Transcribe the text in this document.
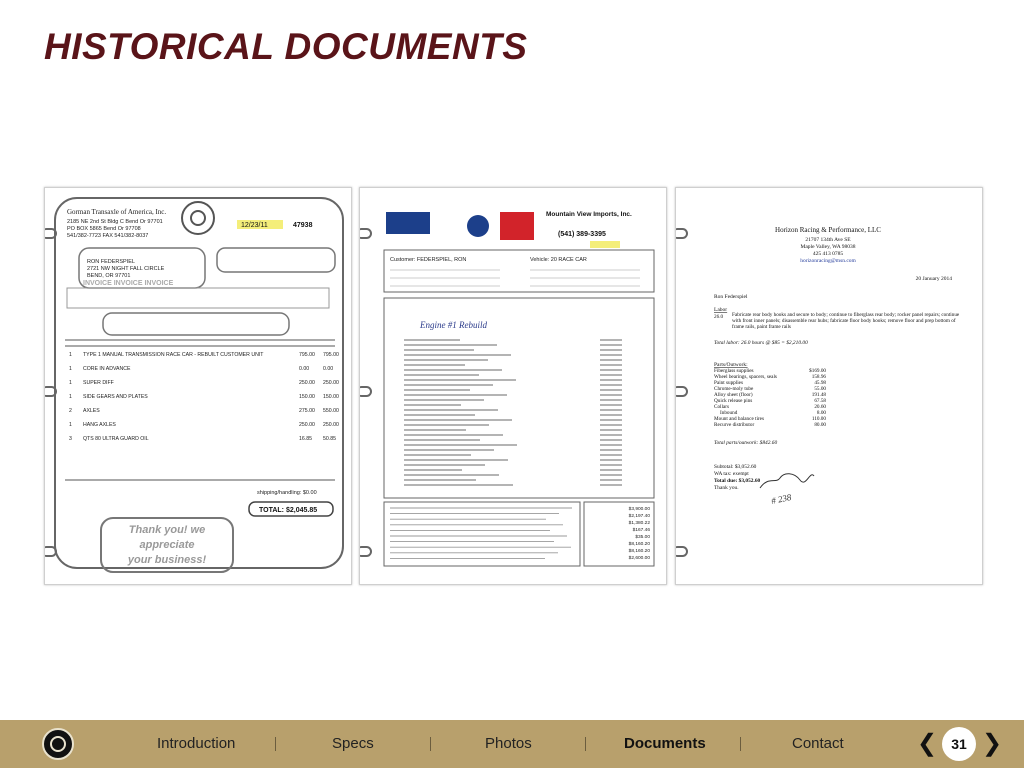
HISTORICAL DOCUMENTS
Gorman Transaxle of America, Inc.
2185 NE 2nd St Bldg C Bend Or 97701
PO BOX 5865 Bend Or 97708
541/382-7723 FAX 541/382-8037
12/23/11	47938
RON FEDERSPIEL
2721 NW NIGHT FALL CIRCLE
BEND, OR 97701
INVOICE INVOICE INVOICE
1 TYPE 1 MANUAL TRANSMISSION RACE CAR - REBUILT CUSTOMER UNIT	795.00 795.00
1 CORE IN ADVANCE	0.00	0.00
1 SUPER DIFF	250.00 250.00
1 SIDE GEARS AND PLATES	150.00 150.00
2 AXLES	275.00 550.00
1 HANG AXLES	250.00 250.00
3 QTS 80 ULTRA GUARD OIL	16.85 50.85
shipping/handling: $0.00
TOTAL: $2,045.85
Thank you! we
appreciate
your business!
Mountain View Imports, Inc.
(541) 389-3395
Customer: FEDERSPIEL, RON	Vehicle: 20 RACE CAR
Engine #1 Rebuild
$3,900.00
$2,197.40
$1,380.22
$167.46
$35.00
$8,160.20
$8,160.20
$2,600.00
Horizon Racing & Performance, LLC
21707 134th Ave SE
Maple Valley, WA 98038
425 413 0785
horizonracing@msn.com
20 January 2014
Ron Federspiel
Labor
26.0 Fabricate rear body hooks and secure to body; continue to fiberglass rear body; rocker panel repairs; continue with front inner panels; disassemble rear hubs; fabricate floor body hooks; remove floor and prep bottom of frame rails, paint frame rails
Total labor: 26.0 hours @ $85 = $2,210.00
Parts/Outwork:
Fiberglass supplies	$169.00
Wheel bearings, spacers, seals	158.96
Paint supplies	45.98
Chrome-moly tube	55.00
Alloy sheet (floor)	191.48
Quick release pins	67.58
Collars	20.60
Inbound	8.00
Mount and balance tires	110.00
Recurve distributor	80.00
Total parts/outwork: $842.60
Subtotal: $3,052.60
WA tax: exempt
Total due: $3,052.60
Thank you.
# 238
Introduction	Specs	Photos	Documents	Contact	❮ ❯
31
